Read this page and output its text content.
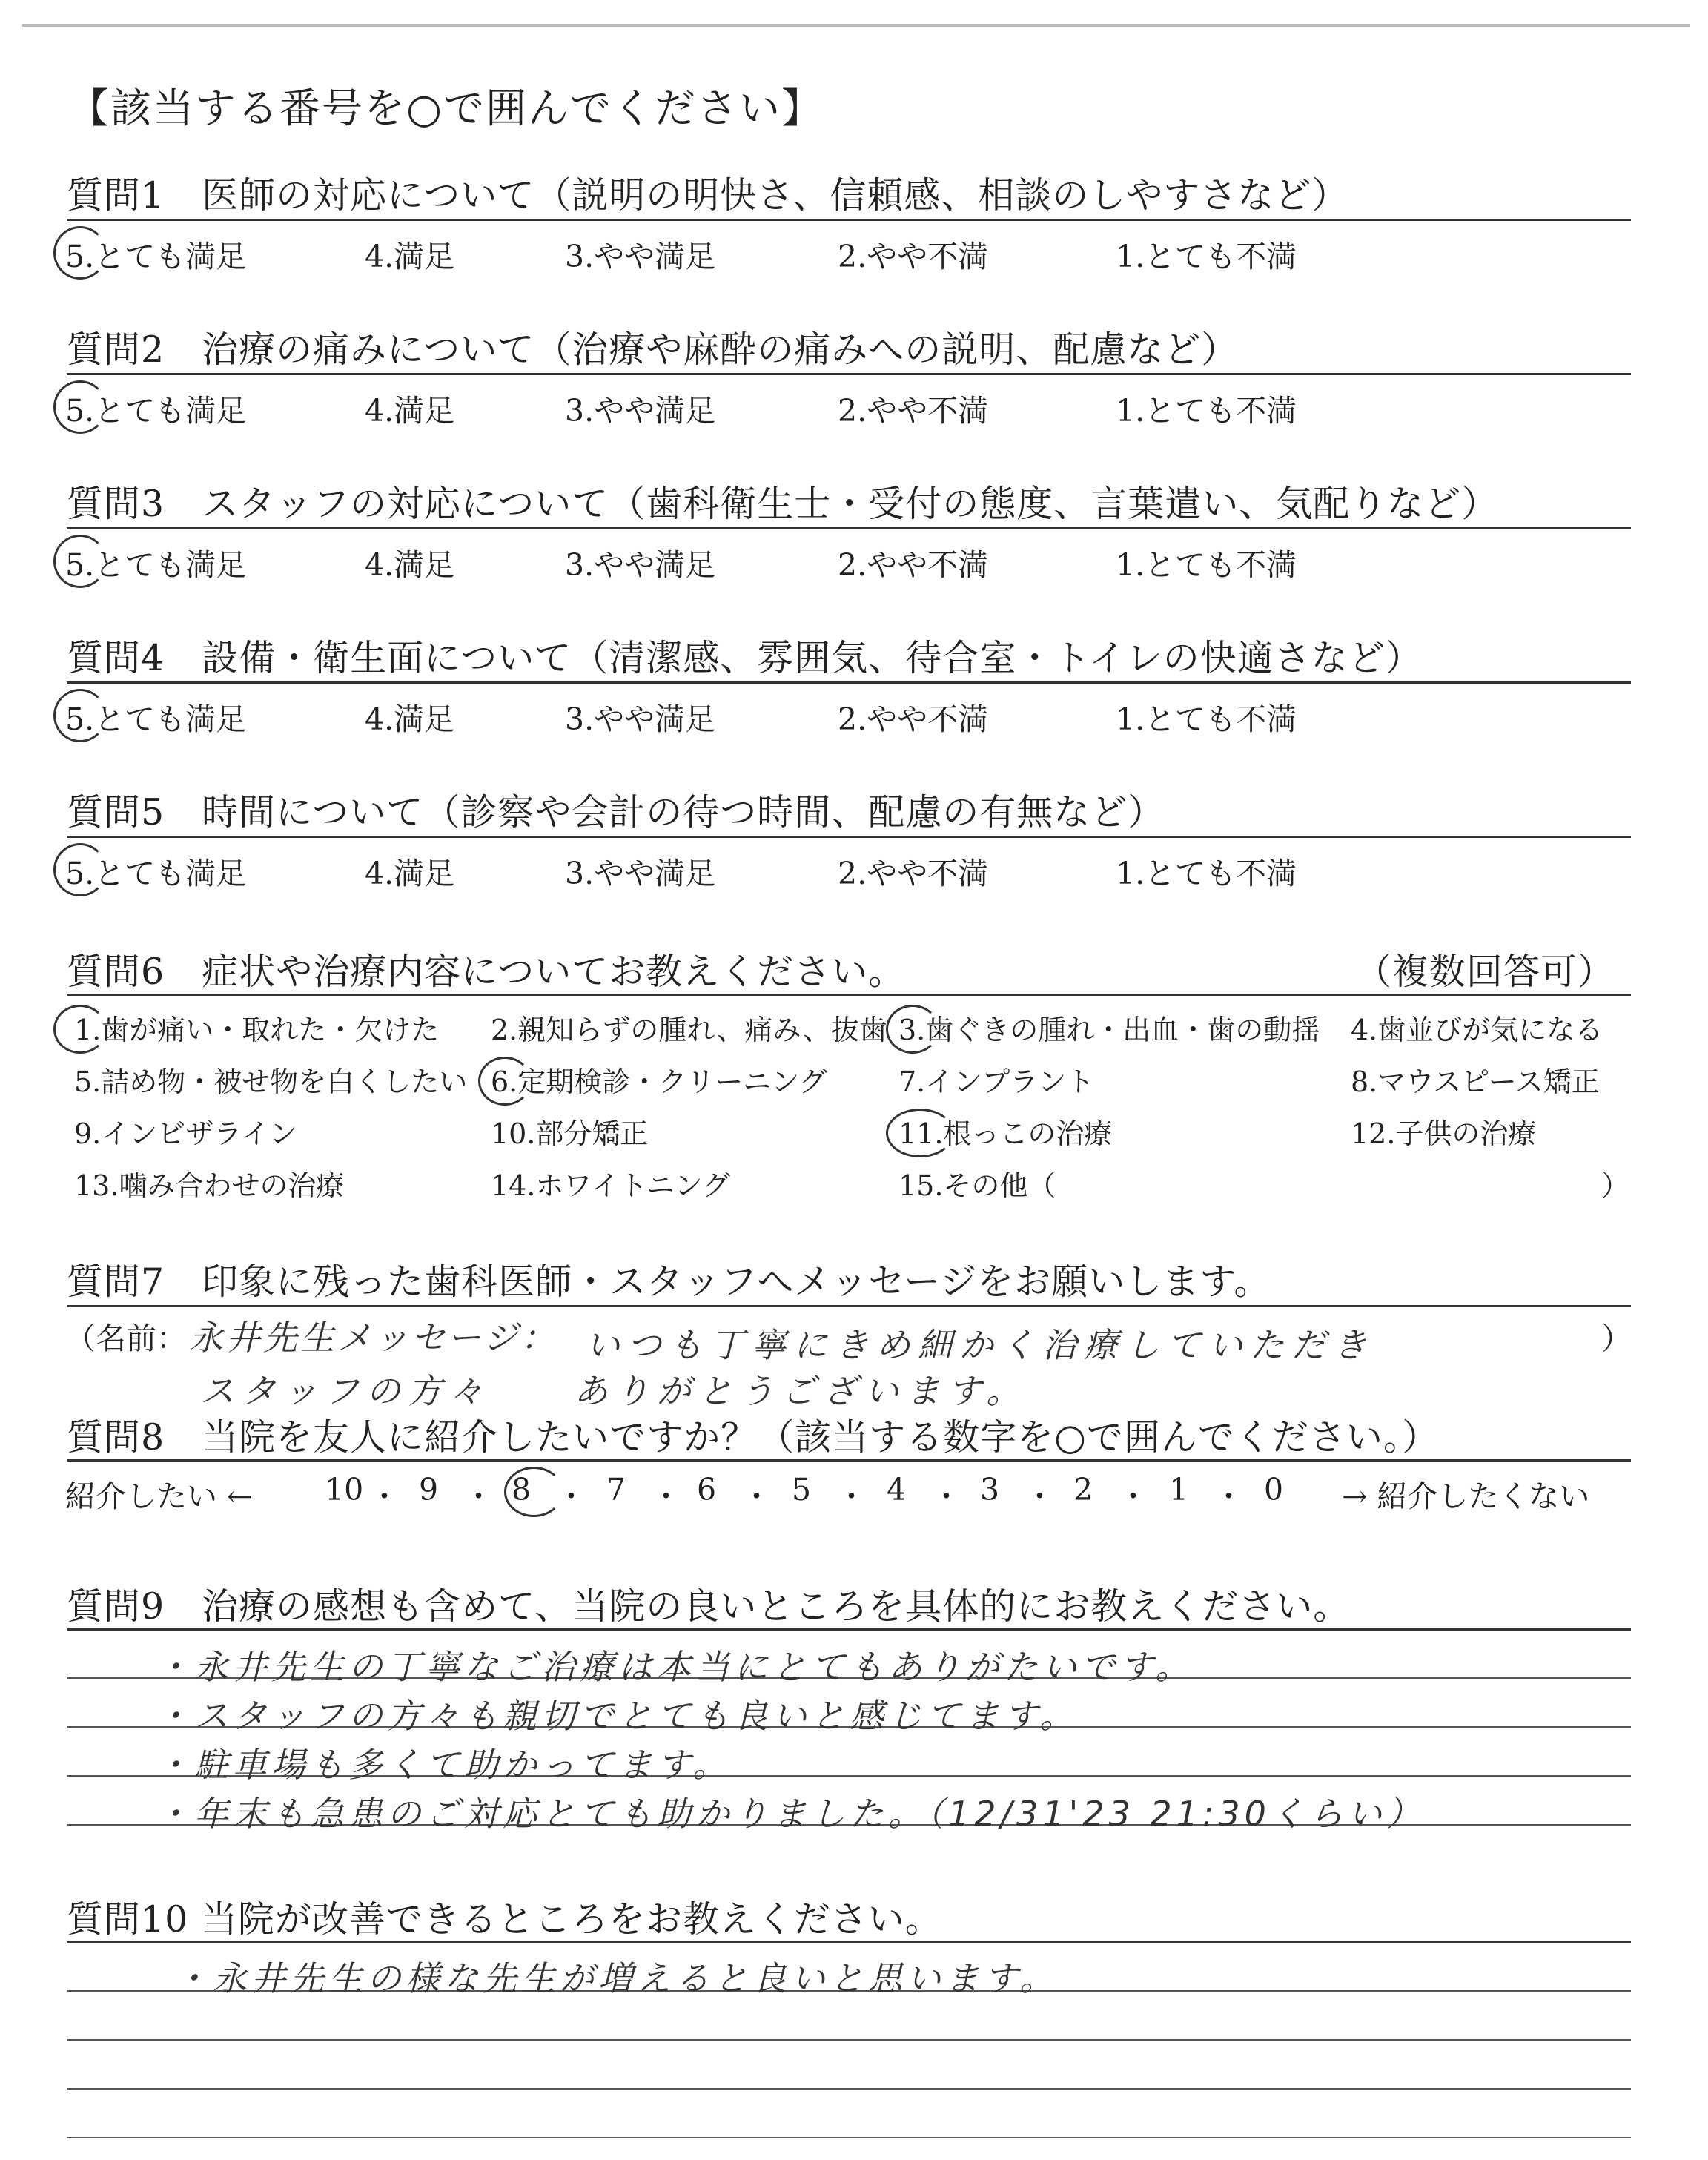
【該当する番号を○で囲んでください】
質問1　医師の対応について（説明の明快さ、信頼感、相談のしやすさなど）
5.とても満足	4.満足	3.やや満足	2.やや不満	1.とても不満
質問2　治療の痛みについて（治療や麻酔の痛みへの説明、配慮など）
5.とても満足	4.満足	3.やや満足	2.やや不満	1.とても不満
質問3　スタッフの対応について（歯科衛生士・受付の態度、言葉遣い、気配りなど）
5.とても満足	4.満足	3.やや満足	2.やや不満	1.とても不満
質問4　設備・衛生面について（清潔感、雰囲気、待合室・トイレの快適さなど）
5.とても満足	4.満足	3.やや満足	2.やや不満	1.とても不満
質問5　時間について（診察や会計の待つ時間、配慮の有無など）
5.とても満足	4.満足	3.やや満足	2.やや不満	1.とても不満
質問6　症状や治療内容についてお教えください。	（複数回答可）
1.歯が痛い・取れた・欠けた 2.親知らずの腫れ、痛み、抜歯 3.歯ぐきの腫れ・出血・歯の動揺 4.歯並びが気になる
5.詰め物・被せ物を白くしたい 6.定期検診・クリーニング	7.インプラント	8.マウスピース矯正
9.インビザライン	10.部分矯正	11.根っこの治療	12.子供の治療
13.噛み合わせの治療	14.ホワイトニング	15.その他（	）
質問7　印象に残った歯科医師・スタッフへメッセージをお願いします。
（名前： 永井先生メッセージ： いつも丁寧にきめ細かく治療していただき
スタッフの方々　　ありがとうございます。
）
質問8　当院を友人に紹介したいですか？（該当する数字を○で囲んでください。）
紹介したい ←	→ 紹介したくない
10 ・ 9 ・ 8 ・ 7 ・ 6 ・ 5 ・ 4 ・ 3 ・ 2 ・ 1 ・ 0
質問9　治療の感想も含めて、当院の良いところを具体的にお教えください。
・永井先生の丁寧なご治療は本当にとてもありがたいです。
・スタッフの方々も親切でとても良いと感じてます。
・駐車場も多くて助かってます。
・年末も急患のご対応とても助かりました。（12/31'23 21:30くらい）
質問10 当院が改善できるところをお教えください。
・永井先生の様な先生が増えると良いと思います。
